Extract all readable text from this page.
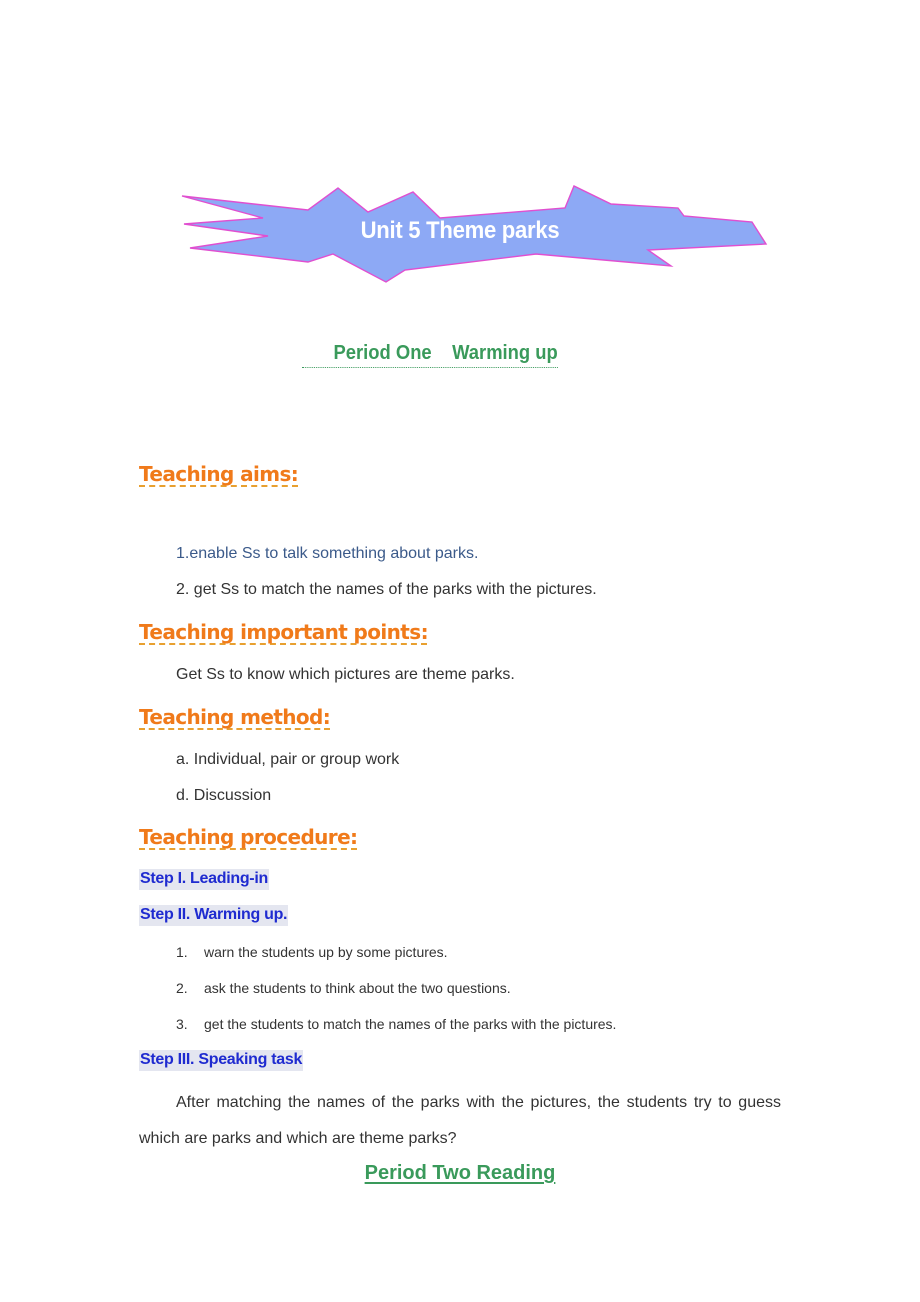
Unit 5 Theme parks
Period One    Warming up
Teaching aims:
1.enable Ss to talk something about parks.
2. get Ss to match the names of the parks with the pictures.
Teaching important points:
Get Ss to know which pictures are theme parks.
Teaching method:
a. Individual, pair or group work
d. Discussion
Teaching procedure:
Step I. Leading-in
Step II. Warming up.
1. warn the students up by some pictures.
2. ask the students to think about the two questions.
3. get the students to match the names of the parks with the pictures.
Step III. Speaking task
After matching the names of the parks with the pictures, the students try to guess which are parks and which are theme parks?
Period Two Reading
